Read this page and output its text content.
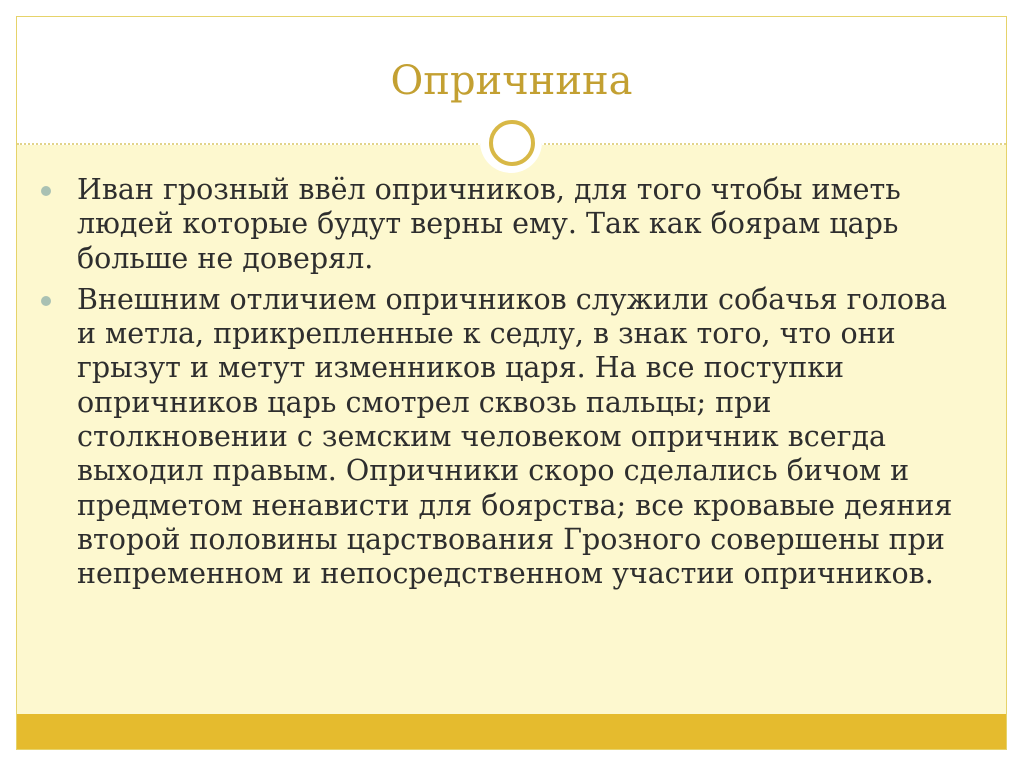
Опричнина
Иван грозный ввёл опричников, для того чтобы иметь людей которые будут верны ему. Так как боярам царь больше не доверял.
Внешним отличием опричников служили собачья голова и метла, прикрепленные к седлу, в знак того, что они грызут и метут изменников царя. На все поступки опричников царь смотрел сквозь пальцы; при столкновении с земским человеком опричник всегда выходил правым. Опричники скоро сделались бичом и предметом ненависти для боярства; все кровавые деяния второй половины царствования Грозного совершены при непременном и непосредственном участии опричников.
